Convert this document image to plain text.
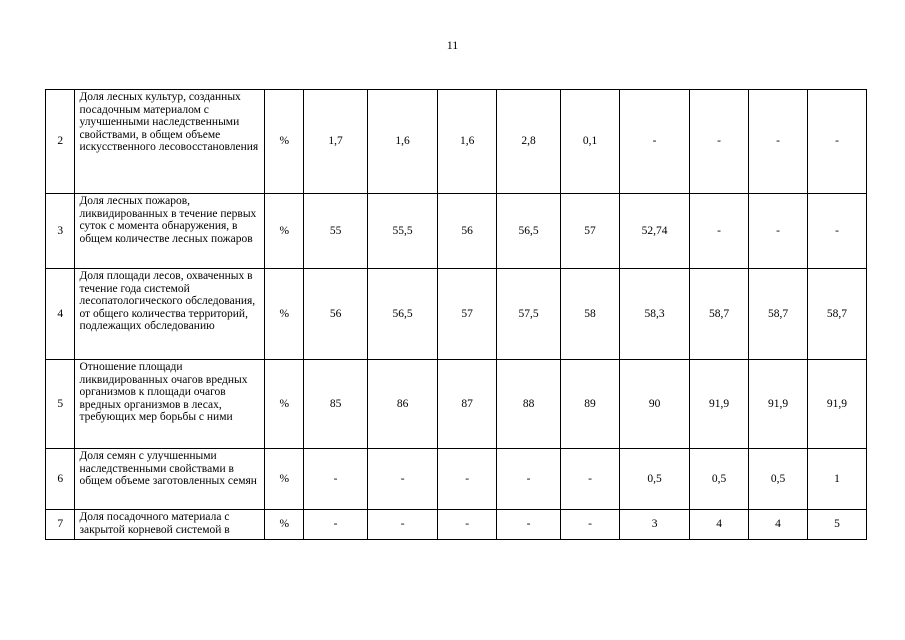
11
2	Доля лесных культур, созданных посадочным материалом с улучшенными наследственными свойствами, в общем объеме искусственного лесовосстановления	%	1,7	1,6	1,6	2,8	0,1	-	-	-	-
3	Доля лесных пожаров, ликвидированных в течение первых суток с момента обнаружения, в общем количестве лесных пожаров	%	55	55,5	56	56,5	57	52,74	-	-	-
4	Доля площади лесов, охваченных в течение года системой лесопатологического обследования, от общего количества территорий, подлежащих обследованию	%	56	56,5	57	57,5	58	58,3	58,7	58,7	58,7
5	Отношение площади ликвидированных очагов вредных организмов к площади очагов вредных организмов в лесах, требующих мер борьбы с ними	%	85	86	87	88	89	90	91,9	91,9	91,9
6	Доля семян с улучшенными наследственными свойствами в общем объеме заготовленных семян	%	-	-	-	-	-	0,5	0,5	0,5	1
7	Доля посадочного материала с закрытой корневой системой в	%	-	-	-	-	-	3	4	4	5
